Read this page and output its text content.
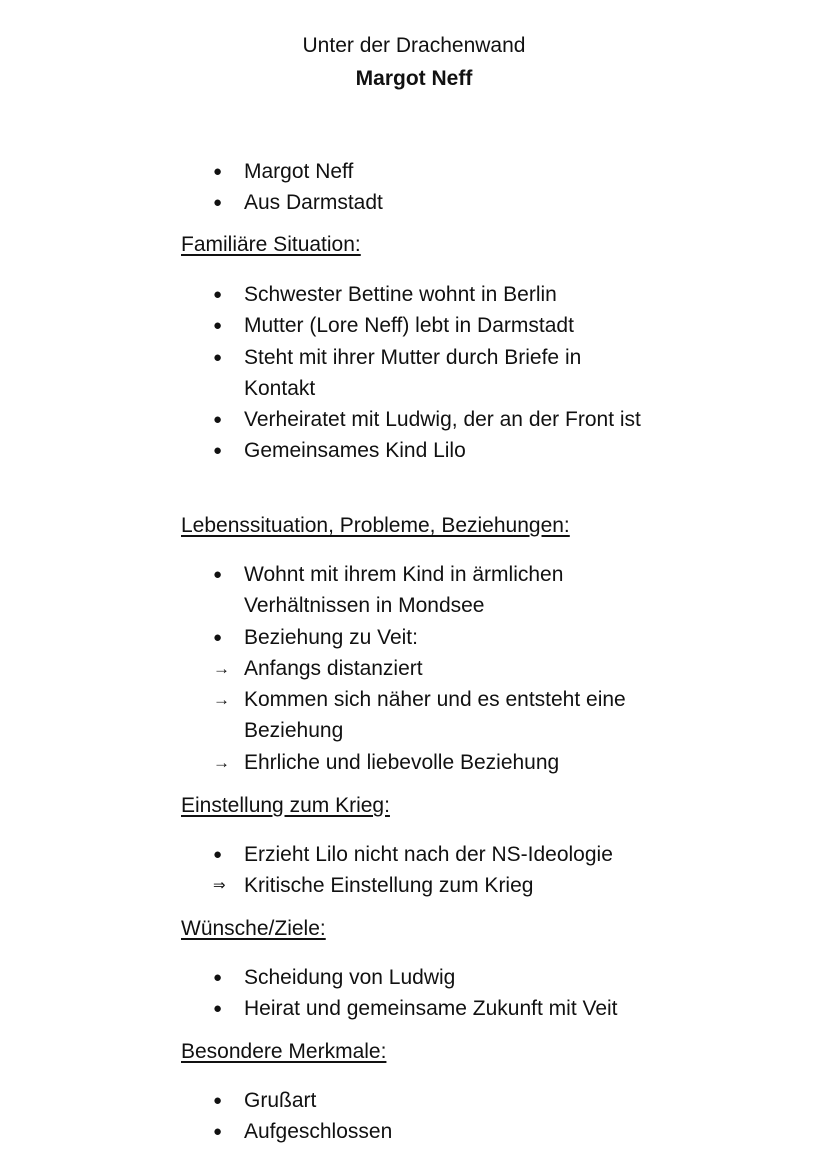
Unter der Drachenwand
Margot Neff
●
Margot Neff
●
Aus Darmstadt
Familiäre Situation:
●
Schwester Bettine wohnt in Berlin
●
Mutter (Lore Neff) lebt in Darmstadt
●
Steht mit ihrer Mutter durch Briefe in Kontakt
●
Verheiratet mit Ludwig, der an der Front ist
●
Gemeinsames Kind Lilo
Lebenssituation, Probleme, Beziehungen:
●
Wohnt mit ihrem Kind in ärmlichen Verhältnissen in Mondsee
●
Beziehung zu Veit:
→
Anfangs distanziert
→
Kommen sich näher und es entsteht eine Beziehung
→
Ehrliche und liebevolle Beziehung
Einstellung zum Krieg:
●
Erzieht Lilo nicht nach der NS-Ideologie
⇒
Kritische Einstellung zum Krieg
Wünsche/Ziele:
●
Scheidung von Ludwig
●
Heirat und gemeinsame Zukunft mit Veit
Besondere Merkmale:
●
Grußart
●
Aufgeschlossen
